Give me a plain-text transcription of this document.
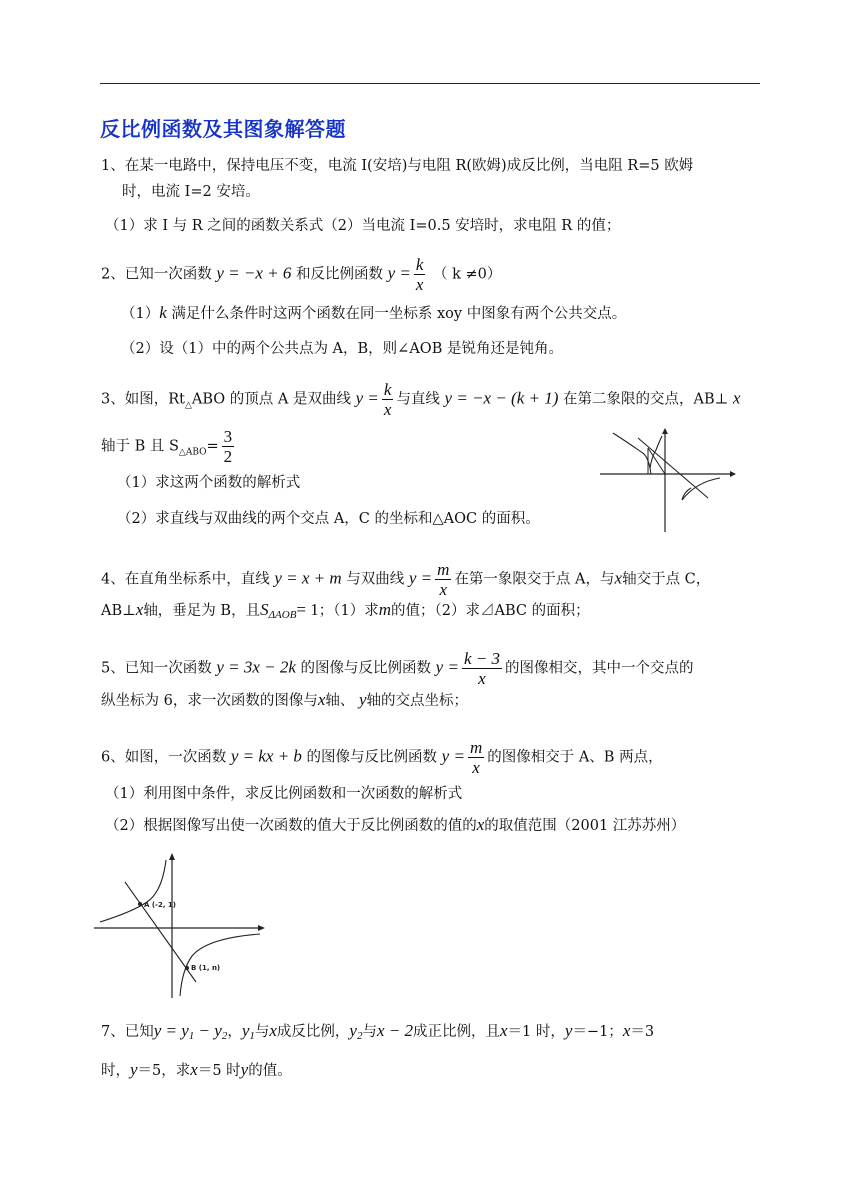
反比例函数及其图象解答题
1、在某一电路中，保持电压不变，电流 I(安培)与电阻 R(欧姆)成反比例，当电阻 R=5 欧姆
时，电流 I=2 安培。
（1）求 I 与 R 之间的函数关系式（2）当电流 I=0.5 安培时，求电阻 R 的值；
2、已知一次函数 y = −x + 6 和反比例函数 $y = \frac{k}{x}$ （ k ≠0）
（1）k 满足什么条件时这两个函数在同一坐标系 xoy 中图象有两个公共交点。
（2）设（1）中的两个公共点为 A，B，则∠AOB 是锐角还是钝角。
3、如图，$Rt_\triangle ABO$ 的顶点 A 是双曲线 $y = \frac{k}{x}$ 与直线 y = −x − (k + 1) 在第二象限的交点，AB⊥ x
轴于 B 且 $S_{\triangle ABO}= \frac{3}{2}$
（1）求这两个函数的解析式
（2）求直线与双曲线的两个交点 A，C 的坐标和△AOC 的面积。
4、在直角坐标系中，直线 y = x + m 与双曲线 $y = \frac{m}{x}$ 在第一象限交于点 A，与x轴交于点 C，
AB⊥x轴，垂足为 B，且$S_{\Delta AOB}= 1$；（1）求m的值；（2）求⊿ABC 的面积；
5、已知一次函数 y = 3x − 2k 的图像与反比例函数 $y = \frac{k - 3}{x}$ 的图像相交，其中一个交点的
纵坐标为 6，求一次函数的图像与x轴、 y轴的交点坐标；
6、如图，一次函数 y = kx + b 的图像与反比例函数 $y = \frac{m}{x}$ 的图像相交于 A、B 两点，
（1）利用图中条件，求反比例函数和一次函数的解析式
（2）根据图像写出使一次函数的值大于反比例函数的值的x的取值范围（2001 江苏苏州）
A (-2, 1)
B (1, n)
7、已知$y = y_1 - y_2$，$y_1$与x成反比例，$y_2$与x − 2成正比例，且x＝1 时，y＝−1；x＝3
时，y＝5，求x＝5 时y的值。
